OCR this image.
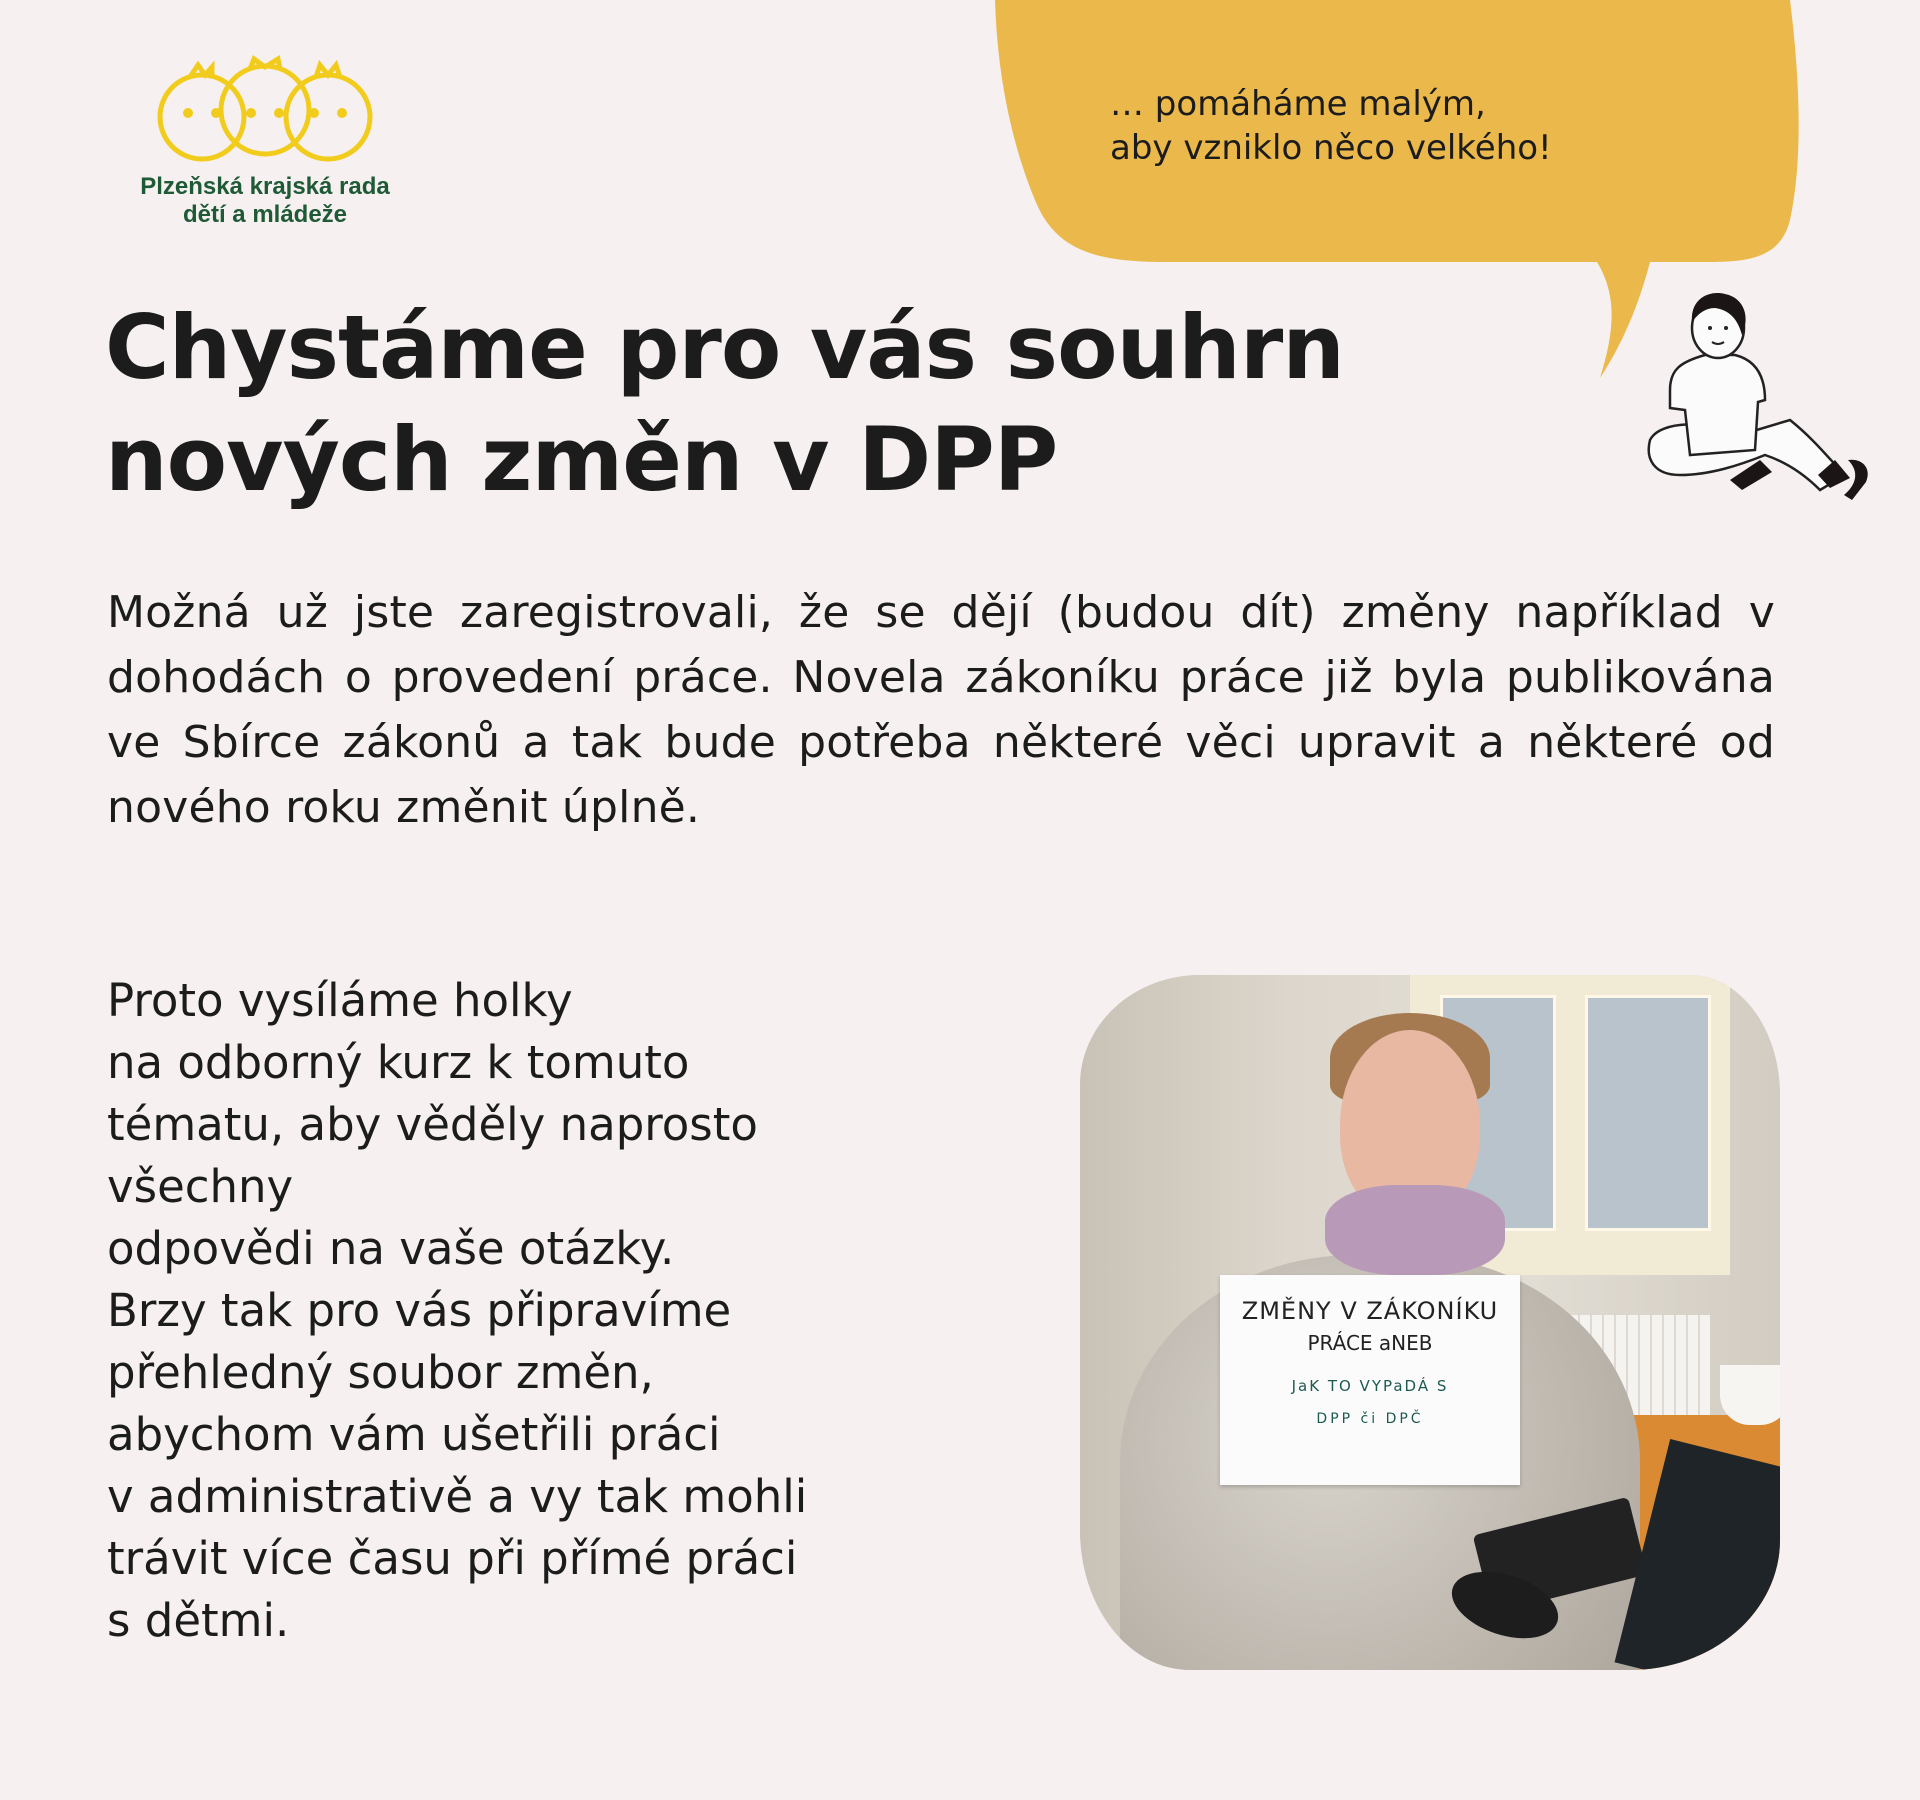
Plzeňská krajská rada
dětí a mládeže
… pomáháme malým,
aby vzniklo něco velkého!
Chystáme pro vás souhrn
nových změn v DPP

Možná už jste zaregistrovali, že se dějí (budou dít) změny například v dohodách o provedení práce. Novela zákoníku práce již byla publikována ve Sbírce zákonů a tak bude potřeba některé věci upravit a některé od nového roku změnit úplně.

Proto vysíláme holky
na odborný kurz k tomuto
tématu, aby věděly naprosto
všechny
odpovědi na vaše otázky.
Brzy tak pro vás připravíme
přehledný soubor změn,
abychom vám ušetřili práci
v administrativě a vy tak mohli
trávit více času při přímé práci
s dětmi.

ZMĚNY V ZÁKONÍKU
PRÁCE aNEB
JaK TO VYPaDÁ S
DPP či DPČ
